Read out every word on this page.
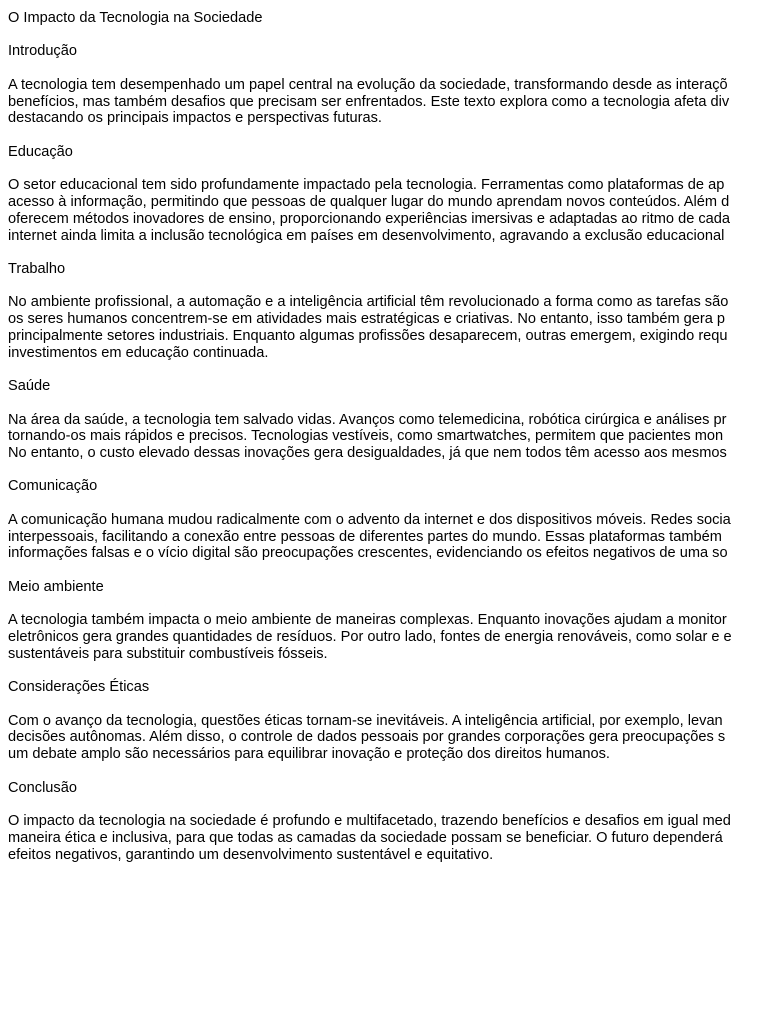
O Impacto da Tecnologia na Sociedade
Introdução
A tecnologia tem desempenhado um papel central na evolução da sociedade, transformando desde as interaçõ
benefícios, mas também desafios que precisam ser enfrentados. Este texto explora como a tecnologia afeta div
destacando os principais impactos e perspectivas futuras.
Educação
O setor educacional tem sido profundamente impactado pela tecnologia. Ferramentas como plataformas de ap
acesso à informação, permitindo que pessoas de qualquer lugar do mundo aprendam novos conteúdos. Além d
oferecem métodos inovadores de ensino, proporcionando experiências imersivas e adaptadas ao ritmo de cada
internet ainda limita a inclusão tecnológica em países em desenvolvimento, agravando a exclusão educacional
Trabalho
No ambiente profissional, a automação e a inteligência artificial têm revolucionado a forma como as tarefas são
os seres humanos concentrem-se em atividades mais estratégicas e criativas. No entanto, isso também gera p
principalmente setores industriais. Enquanto algumas profissões desaparecem, outras emergem, exigindo requ
investimentos em educação continuada.
Saúde
Na área da saúde, a tecnologia tem salvado vidas. Avanços como telemedicina, robótica cirúrgica e análises pr
tornando-os mais rápidos e precisos. Tecnologias vestíveis, como smartwatches, permitem que pacientes mon
No entanto, o custo elevado dessas inovações gera desigualdades, já que nem todos têm acesso aos mesmos
Comunicação
A comunicação humana mudou radicalmente com o advento da internet e dos dispositivos móveis. Redes socia
interpessoais, facilitando a conexão entre pessoas de diferentes partes do mundo. Essas plataformas também
informações falsas e o vício digital são preocupações crescentes, evidenciando os efeitos negativos de uma so
Meio ambiente
A tecnologia também impacta o meio ambiente de maneiras complexas. Enquanto inovações ajudam a monitor
eletrônicos gera grandes quantidades de resíduos. Por outro lado, fontes de energia renováveis, como solar e e
sustentáveis para substituir combustíveis fósseis.
Considerações Éticas
Com o avanço da tecnologia, questões éticas tornam-se inevitáveis. A inteligência artificial, por exemplo, levan
decisões autônomas. Além disso, o controle de dados pessoais por grandes corporações gera preocupações s
um debate amplo são necessários para equilibrar inovação e proteção dos direitos humanos.
Conclusão
O impacto da tecnologia na sociedade é profundo e multifacetado, trazendo benefícios e desafios em igual med
maneira ética e inclusiva, para que todas as camadas da sociedade possam se beneficiar. O futuro dependerá
efeitos negativos, garantindo um desenvolvimento sustentável e equitativo.
